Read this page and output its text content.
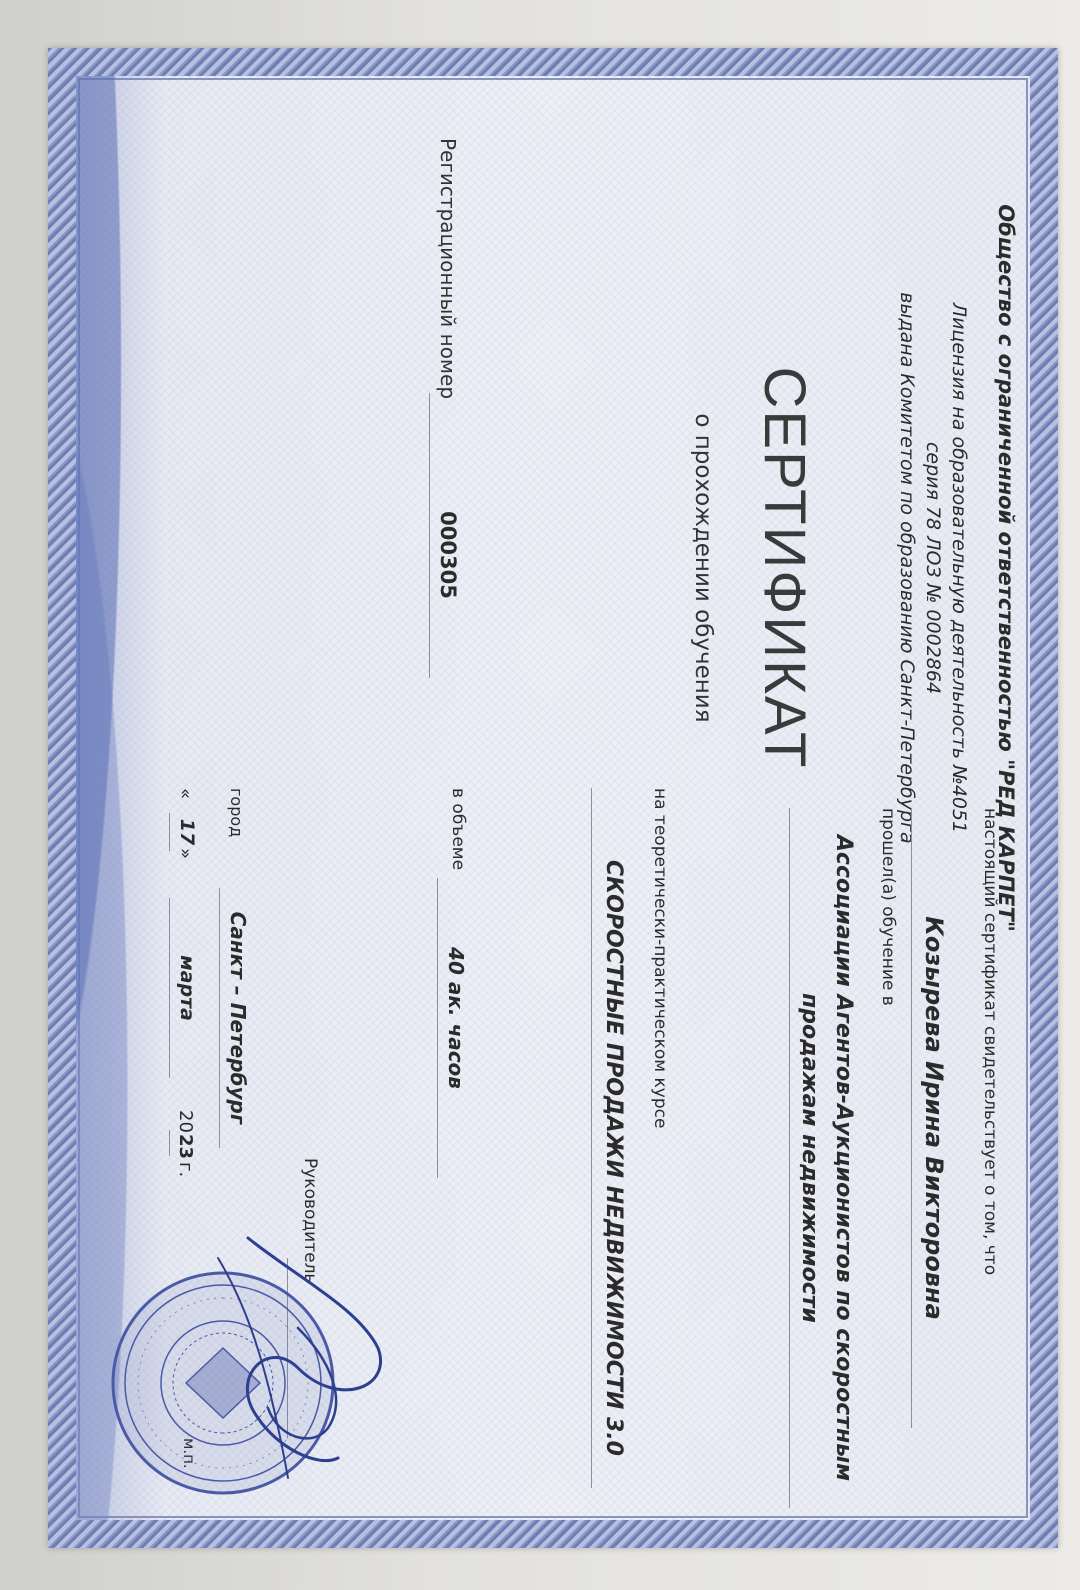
Общество с ограниченной ответственностью "РЕД КАРПЕТ"
Лицензия на образовательную деятельность №4051
серия 78 ЛОЗ № 0002864
выдана Комитетом по образованию Санкт-Петербурга
СЕРТИФИКАТ
о прохождении обучения
Регистрационный номер
000305
настоящий сертификат свидетельствует о том, что
Козырева Ирина Викторовна
прошел(а) обучение в
Ассоциации Агентов-Аукционистов по скоростным
продажам недвижимости
на теоретически-практическом курсе
СКОРОСТНЫЕ ПРОДАЖИ НЕДВИЖИМОСТИ 3.0
в объеме
40 ак. часов
Руководитель
город
Санкт – Петербург
«
17
»
марта
20
23
г.
